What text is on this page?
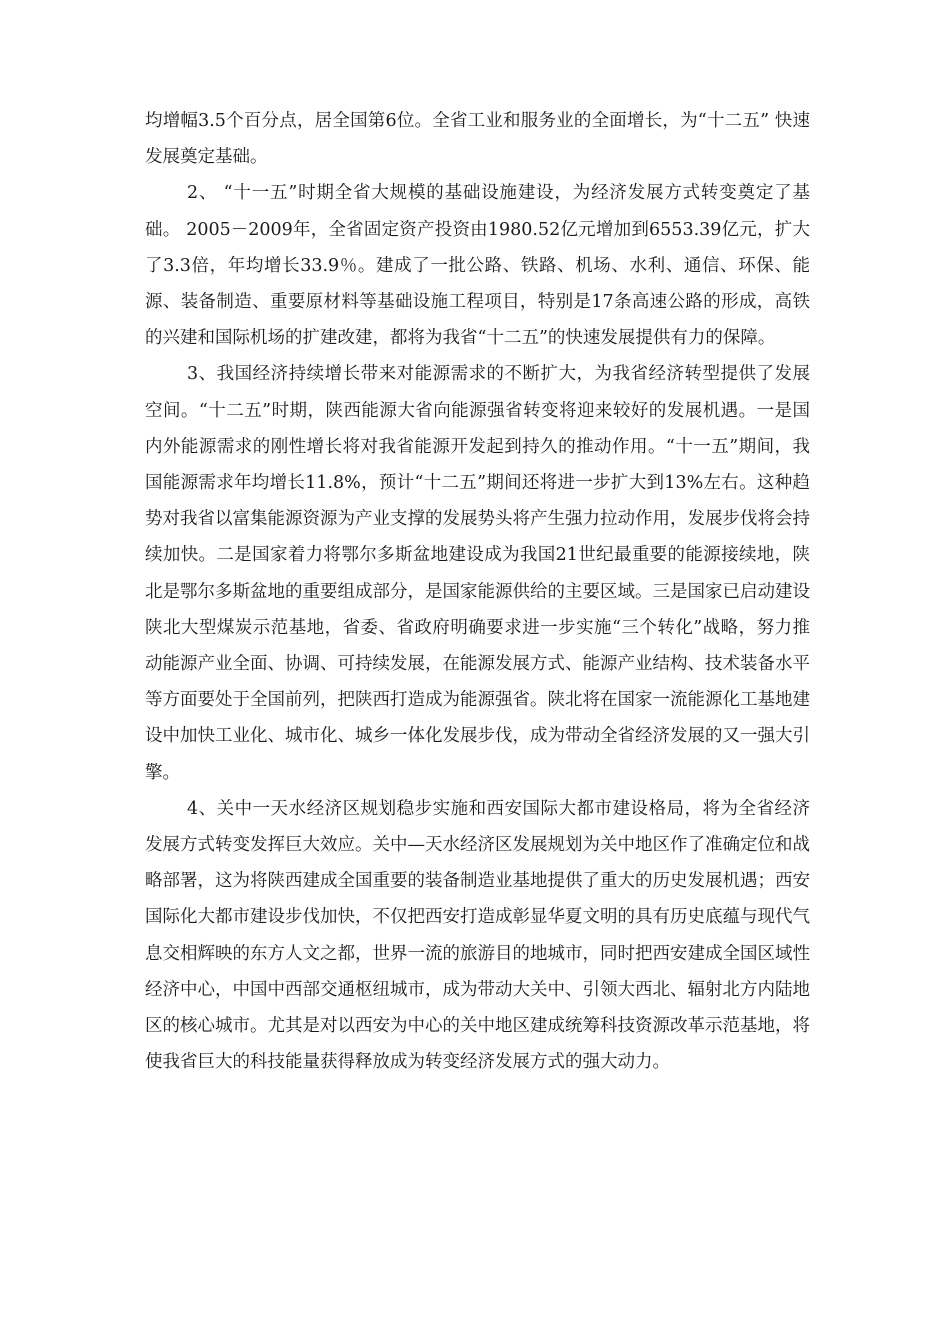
均增幅3.5个百分点，居全国第6位。全省工业和服务业的全面增长，为“十二五” 快速发展奠定基础。

2、 “十一五”时期全省大规模的基础设施建设，为经济发展方式转变奠定了基础。 2005－2009年，全省固定资产投资由1980.52亿元增加到6553.39亿元，扩大了3.3倍，年均增长33.9％。建成了一批公路、铁路、机场、水利、通信、环保、能源、装备制造、重要原材料等基础设施工程项目，特别是17条高速公路的形成，高铁的兴建和国际机场的扩建改建，都将为我省“十二五”的快速发展提供有力的保障。

3、我国经济持续增长带来对能源需求的不断扩大，为我省经济转型提供了发展空间。“十二五”时期，陕西能源大省向能源强省转变将迎来较好的发展机遇。一是国内外能源需求的刚性增长将对我省能源开发起到持久的推动作用。“十一五”期间，我国能源需求年均增长11.8%，预计“十二五”期间还将进一步扩大到13%左右。这种趋势对我省以富集能源资源为产业支撑的发展势头将产生强力拉动作用，发展步伐将会持续加快。二是国家着力将鄂尔多斯盆地建设成为我国21世纪最重要的能源接续地，陕北是鄂尔多斯盆地的重要组成部分，是国家能源供给的主要区域。三是国家已启动建设陕北大型煤炭示范基地，省委、省政府明确要求进一步实施“三个转化”战略，努力推动能源产业全面、协调、可持续发展，在能源发展方式、能源产业结构、技术装备水平等方面要处于全国前列，把陕西打造成为能源强省。陕北将在国家一流能源化工基地建设中加快工业化、城市化、城乡一体化发展步伐，成为带动全省经济发展的又一强大引擎。

4、关中一天水经济区规划稳步实施和西安国际大都市建设格局，将为全省经济发展方式转变发挥巨大效应。关中—天水经济区发展规划为关中地区作了准确定位和战略部署，这为将陕西建成全国重要的装备制造业基地提供了重大的历史发展机遇；西安国际化大都市建设步伐加快，不仅把西安打造成彰显华夏文明的具有历史底蕴与现代气息交相辉映的东方人文之都，世界一流的旅游目的地城市，同时把西安建成全国区域性经济中心，中国中西部交通枢纽城市，成为带动大关中、引领大西北、辐射北方内陆地区的核心城市。尤其是对以西安为中心的关中地区建成统筹科技资源改革示范基地，将使我省巨大的科技能量获得释放成为转变经济发展方式的强大动力。
